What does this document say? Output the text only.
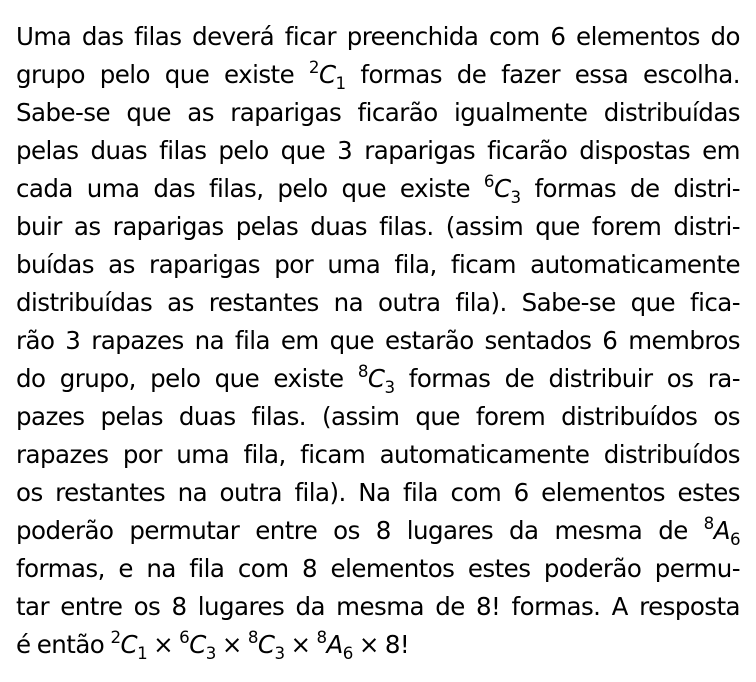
Uma das filas deverá ficar preenchida com 6 elementos do
grupo pelo que existe $^2C_1$ formas de fazer essa escolha.
Sabe-se que as raparigas ficarão igualmente distribuídas
pelas duas filas pelo que 3 raparigas ficarão dispostas em
cada uma das filas, pelo que existe $^6C_3$ formas de distri-
buir as raparigas pelas duas filas. (assim que forem distri-
buídas as raparigas por uma fila, ficam automaticamente
distribuídas as restantes na outra fila). Sabe-se que fica-
rão 3 rapazes na fila em que estarão sentados 6 membros
do grupo, pelo que existe $^8C_3$ formas de distribuir os ra-
pazes pelas duas filas. (assim que forem distribuídos os
rapazes por uma fila, ficam automaticamente distribuídos
os restantes na outra fila). Na fila com 6 elementos estes
poderão permutar entre os 8 lugares da mesma de $^8A_6$
formas, e na fila com 8 elementos estes poderão permu-
tar entre os 8 lugares da mesma de 8! formas. A resposta
é então $^2C_1 \times ^6C_3 \times ^8C_3 \times ^8A_6 \times 8$!
